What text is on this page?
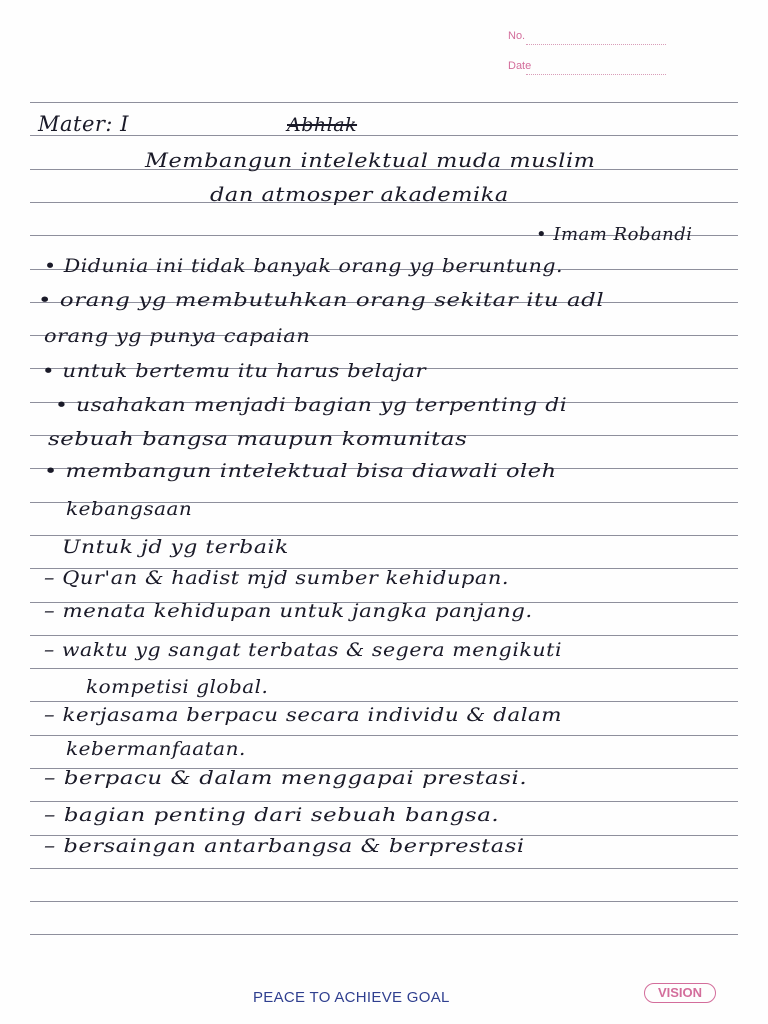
No.
Date
Mater: I	Abhlak
Membangun intelektual muda muslim
dan atmosper akademika
• Imam Robandi
• Didunia ini tidak banyak orang yg beruntung.
• orang yg membutuhkan orang sekitar itu adl
orang yg punya capaian
• untuk bertemu itu harus belajar
• usahakan menjadi bagian yg terpenting di
sebuah bangsa maupun komunitas
• membangun intelektual bisa diawali oleh
kebangsaan
Untuk jd yg terbaik
– Qur'an & hadist mjd sumber kehidupan.
– menata kehidupan untuk jangka panjang.
– waktu yg sangat terbatas & segera mengikuti
kompetisi global.
– kerjasama berpacu secara individu & dalam
kebermanfaatan.
– berpacu & dalam menggapai prestasi.
– bagian penting dari sebuah bangsa.
– bersaingan antarbangsa & berprestasi
PEACE TO ACHIEVE GOAL	VISION
